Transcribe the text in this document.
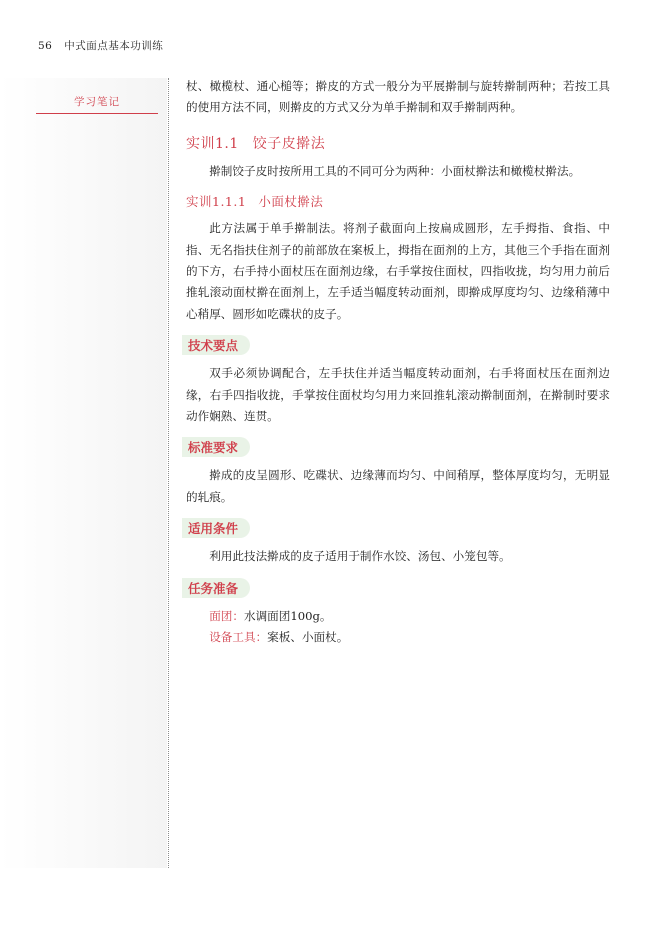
56 中式面点基本功训练
学习笔记

杖、橄榄杖、通心槌等；擀皮的方式一般分为平展擀制与旋转擀制两种；若按工具的使用方法不同，则擀皮的方式又分为单手擀制和双手擀制两种。

实训1.1 饺子皮擀法

擀制饺子皮时按所用工具的不同可分为两种：小面杖擀法和橄榄杖擀法。

实训1.1.1 小面杖擀法

此方法属于单手擀制法。将剂子截面向上按扁成圆形，左手拇指、食指、中指、无名指扶住剂子的前部放在案板上，拇指在面剂的上方，其他三个手指在面剂的下方，右手持小面杖压在面剂边缘，右手掌按住面杖，四指收拢，均匀用力前后推轧滚动面杖擀在面剂上，左手适当幅度转动面剂，即擀成厚度均匀、边缘稍薄中心稍厚、圆形如吃碟状的皮子。

技术要点

双手必须协调配合，左手扶住并适当幅度转动面剂，右手将面杖压在面剂边缘，右手四指收拢，手掌按住面杖均匀用力来回推轧滚动擀制面剂，在擀制时要求动作娴熟、连贯。

标准要求

擀成的皮呈圆形、吃碟状、边缘薄而均匀、中间稍厚，整体厚度均匀，无明显的轧痕。

适用条件

利用此技法擀成的皮子适用于制作水饺、汤包、小笼包等。

任务准备
面团：水调面团100g。
设备工具：案板、小面杖。
